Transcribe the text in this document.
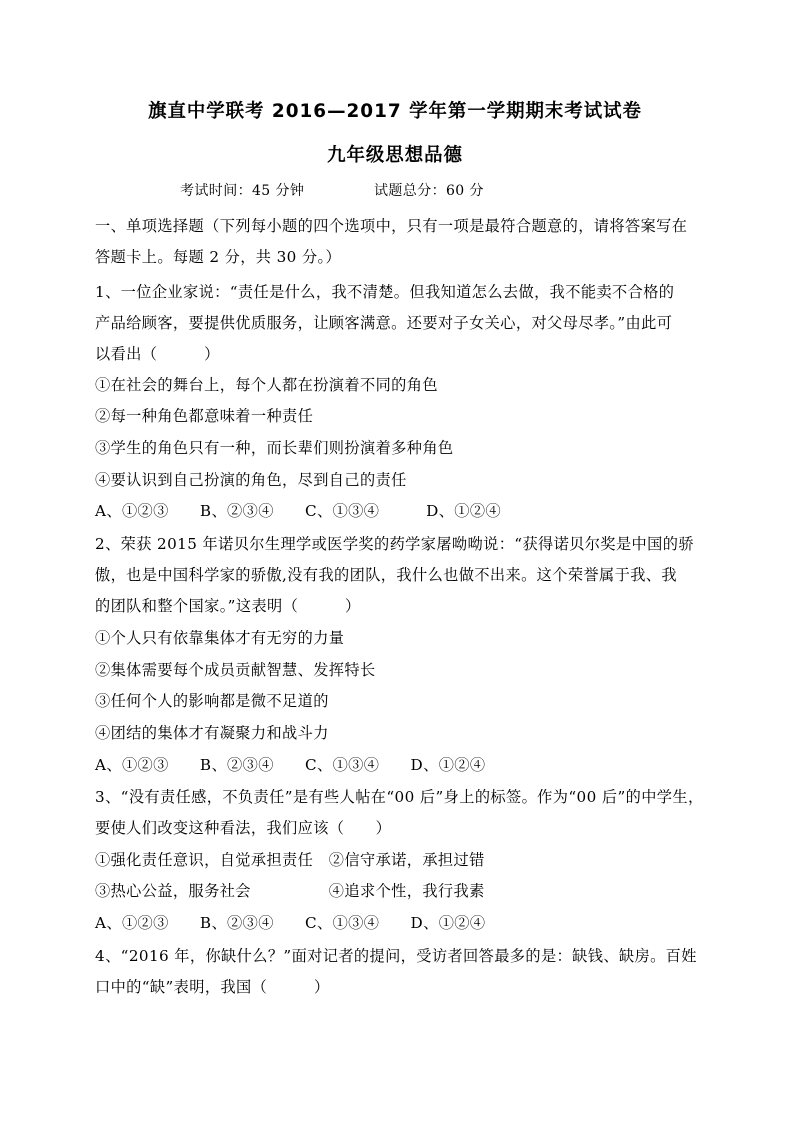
旗直中学联考 2016—2017 学年第一学期期末考试试卷
九年级思想品德
考试时间：45 分钟	试题总分：60 分
一、单项选择题（下列每小题的四个选项中，只有一项是最符合题意的，请将答案写在
答题卡上。每题 2 分，共 30 分。）
1、一位企业家说：“责任是什么，我不清楚。但我知道怎么去做，我不能卖不合格的
产品给顾客，要提供优质服务，让顾客满意。还要对子女关心，对父母尽孝。”由此可
以看出（　　　）
①在社会的舞台上，每个人都在扮演着不同的角色
②每一种角色都意味着一种责任
③学生的角色只有一种，而长辈们则扮演着多种角色
④要认识到自己扮演的角色，尽到自己的责任
A、①②③　　B、②③④　　C、①③④　　　D、①②④
2、荣获 2015 年诺贝尔生理学或医学奖的药学家屠呦呦说：“获得诺贝尔奖是中国的骄
傲，也是中国科学家的骄傲,没有我的团队，我什么也做不出来。这个荣誉属于我、我
的团队和整个国家。”这表明（　　　）
①个人只有依靠集体才有无穷的力量
②集体需要每个成员贡献智慧、发挥特长
③任何个人的影响都是微不足道的
④团结的集体才有凝聚力和战斗力
A、①②③　　B、②③④　　C、①③④　　D、①②④
3、“没有责任感，不负责任”是有些人帖在“00 后”身上的标签。作为“00 后”的中学生，
要使人们改变这种看法，我们应该（　　）
①强化责任意识，自觉承担责任　②信守承诺，承担过错
③热心公益，服务社会　　　　　④追求个性，我行我素
A、①②③　　B、②③④　　C、①③④　　D、①②④
4、“2016 年，你缺什么？”面对记者的提问，受访者回答最多的是：缺钱、缺房。百姓
口中的“缺”表明，我国（　　　）
